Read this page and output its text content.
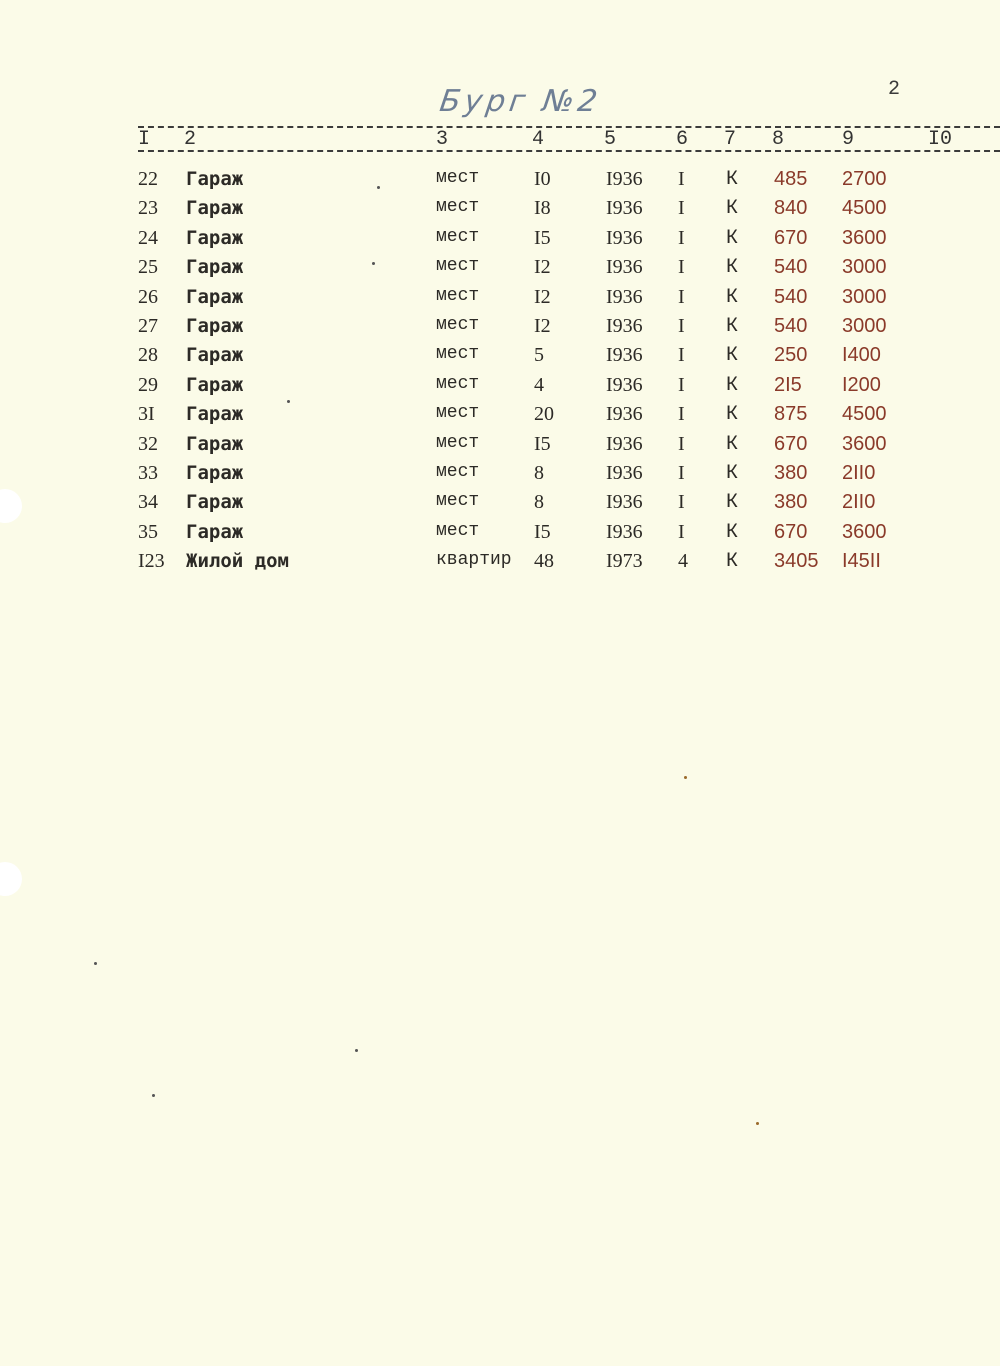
Бург №2	2
I 2	3	4	5	6 7 8	9	I0
22 Гараж	мест	I0	I936 I К 485 2700
23 Гараж	мест	I8	I936 I К 840 4500
24 Гараж	мест	I5	I936 I К 670 3600
25 Гараж	мест	I2	I936 I К 540 3000
26 Гараж	мест	I2	I936 I К 540 3000
27 Гараж	мест	I2	I936 I К 540 3000
28 Гараж	мест	5	I936 I К 250 I400
29 Гараж	мест	4	I936 I К 2I5 I200
3I Гараж	мест	20	I936 I К 875 4500
32 Гараж	мест	I5	I936 I К 670 3600
33 Гараж	мест	8	I936 I К 380 2II0
34 Гараж	мест	8	I936 I К 380 2II0
35 Гараж	мест	I5	I936 I К 670 3600
I23 Жилой дом	квартир 48	I973 4 К 3405 I45II
